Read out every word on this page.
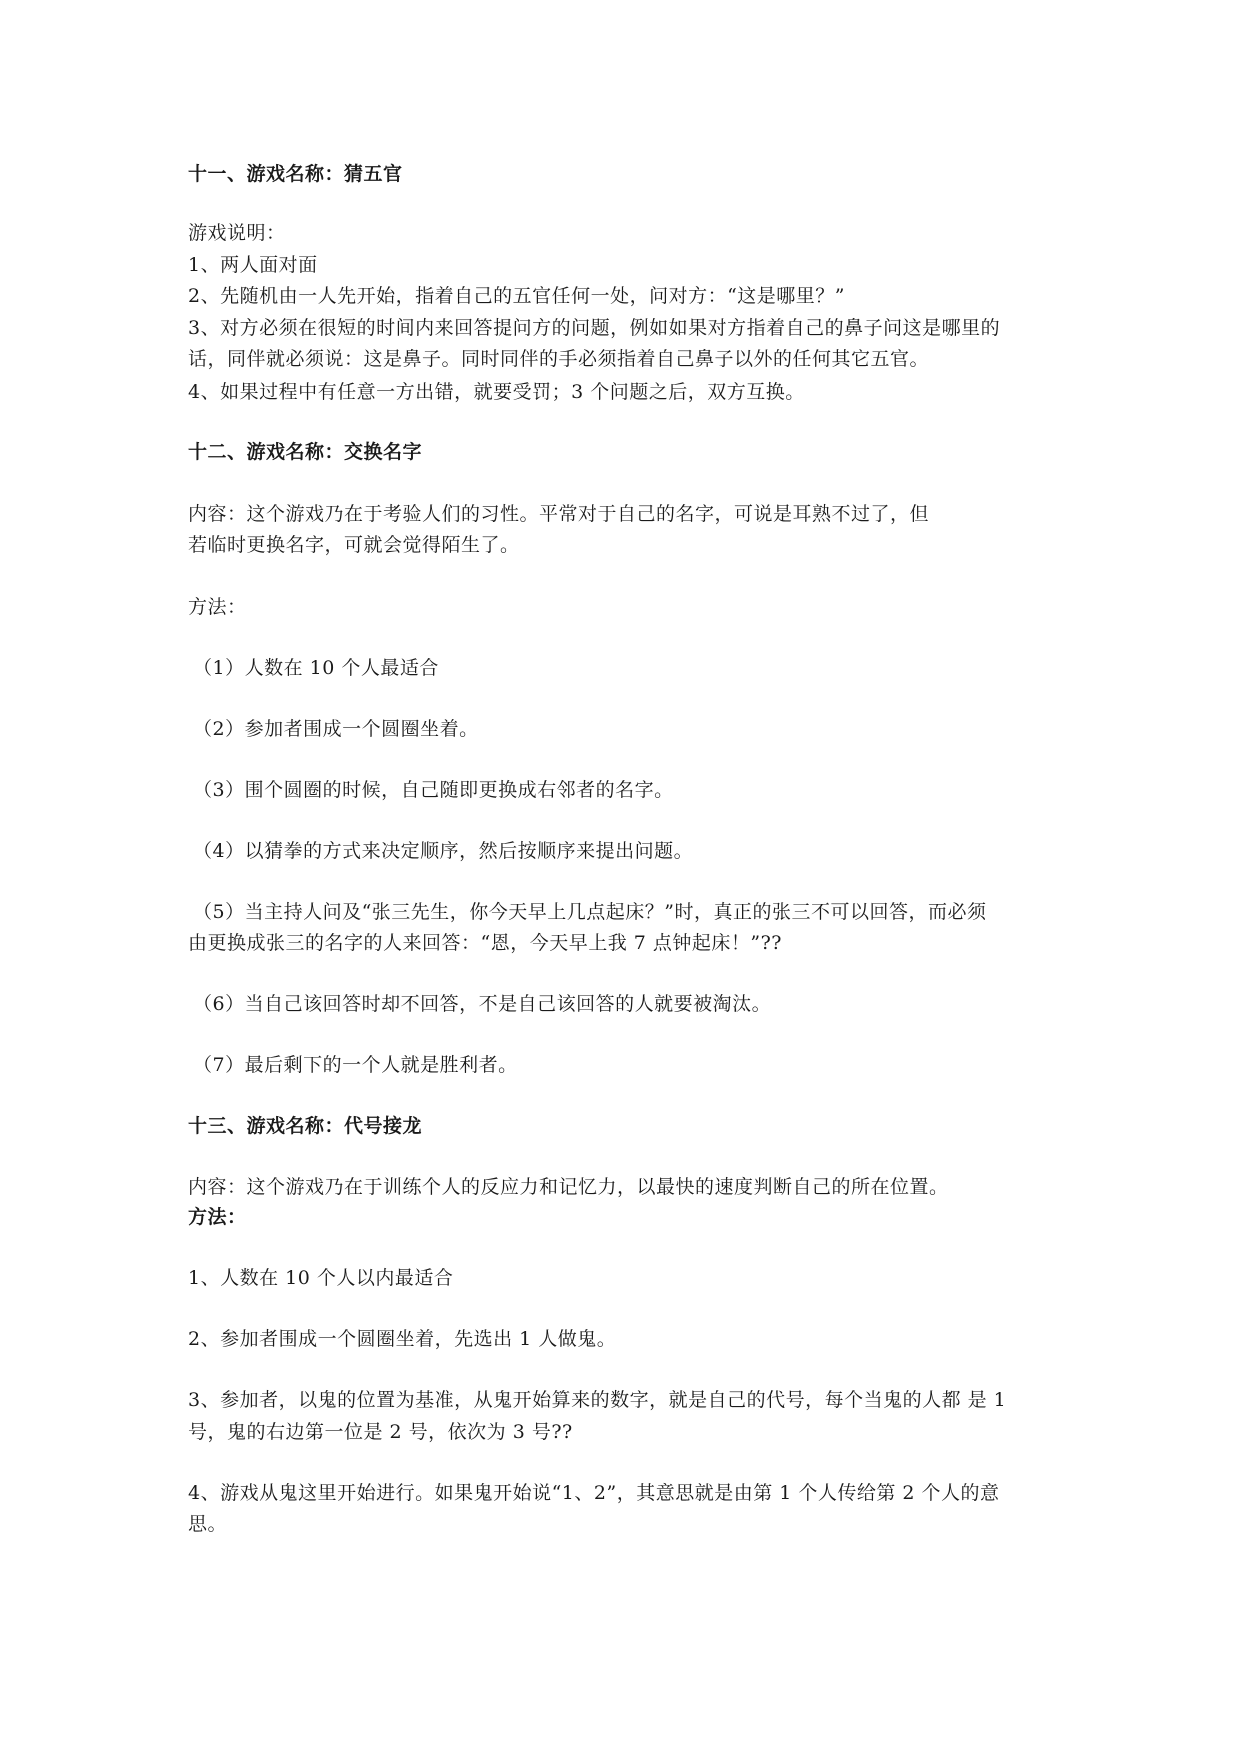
十一、游戏名称：猜五官
游戏说明：
1、两人面对面
2、先随机由一人先开始，指着自己的五官任何一处，问对方：“这是哪里？”
3、对方必须在很短的时间内来回答提问方的问题，例如如果对方指着自己的鼻子问这是哪里的
话，同伴就必须说：这是鼻子。同时同伴的手必须指着自己鼻子以外的任何其它五官。
4、如果过程中有任意一方出错，就要受罚；3 个问题之后，双方互换。
十二、游戏名称：交换名字
内容：这个游戏乃在于考验人们的习性。平常对于自己的名字，可说是耳熟不过了，但
若临时更换名字，可就会觉得陌生了。
方法：
（1）人数在 10 个人最适合
（2）参加者围成一个圆圈坐着。
（3）围个圆圈的时候，自己随即更换成右邻者的名字。
（4）以猜拳的方式来决定顺序，然后按顺序来提出问题。
（5）当主持人问及“张三先生，你今天早上几点起床？”时，真正的张三不可以回答，而必须
由更换成张三的名字的人来回答：“恩，今天早上我 7 点钟起床！”??
（6）当自己该回答时却不回答，不是自己该回答的人就要被淘汰。
（7）最后剩下的一个人就是胜利者。
十三、游戏名称：代号接龙
内容：这个游戏乃在于训练个人的反应力和记忆力，以最快的速度判断自己的所在位置。
方法：
1、人数在 10 个人以内最适合
2、参加者围成一个圆圈坐着，先选出 1 人做鬼。
3、参加者，以鬼的位置为基准，从鬼开始算来的数字，就是自己的代号，每个当鬼的人都 是 1
号，鬼的右边第一位是 2 号，依次为 3 号??
4、游戏从鬼这里开始进行。如果鬼开始说“1、2”，其意思就是由第 1 个人传给第 2 个人的意
思。
